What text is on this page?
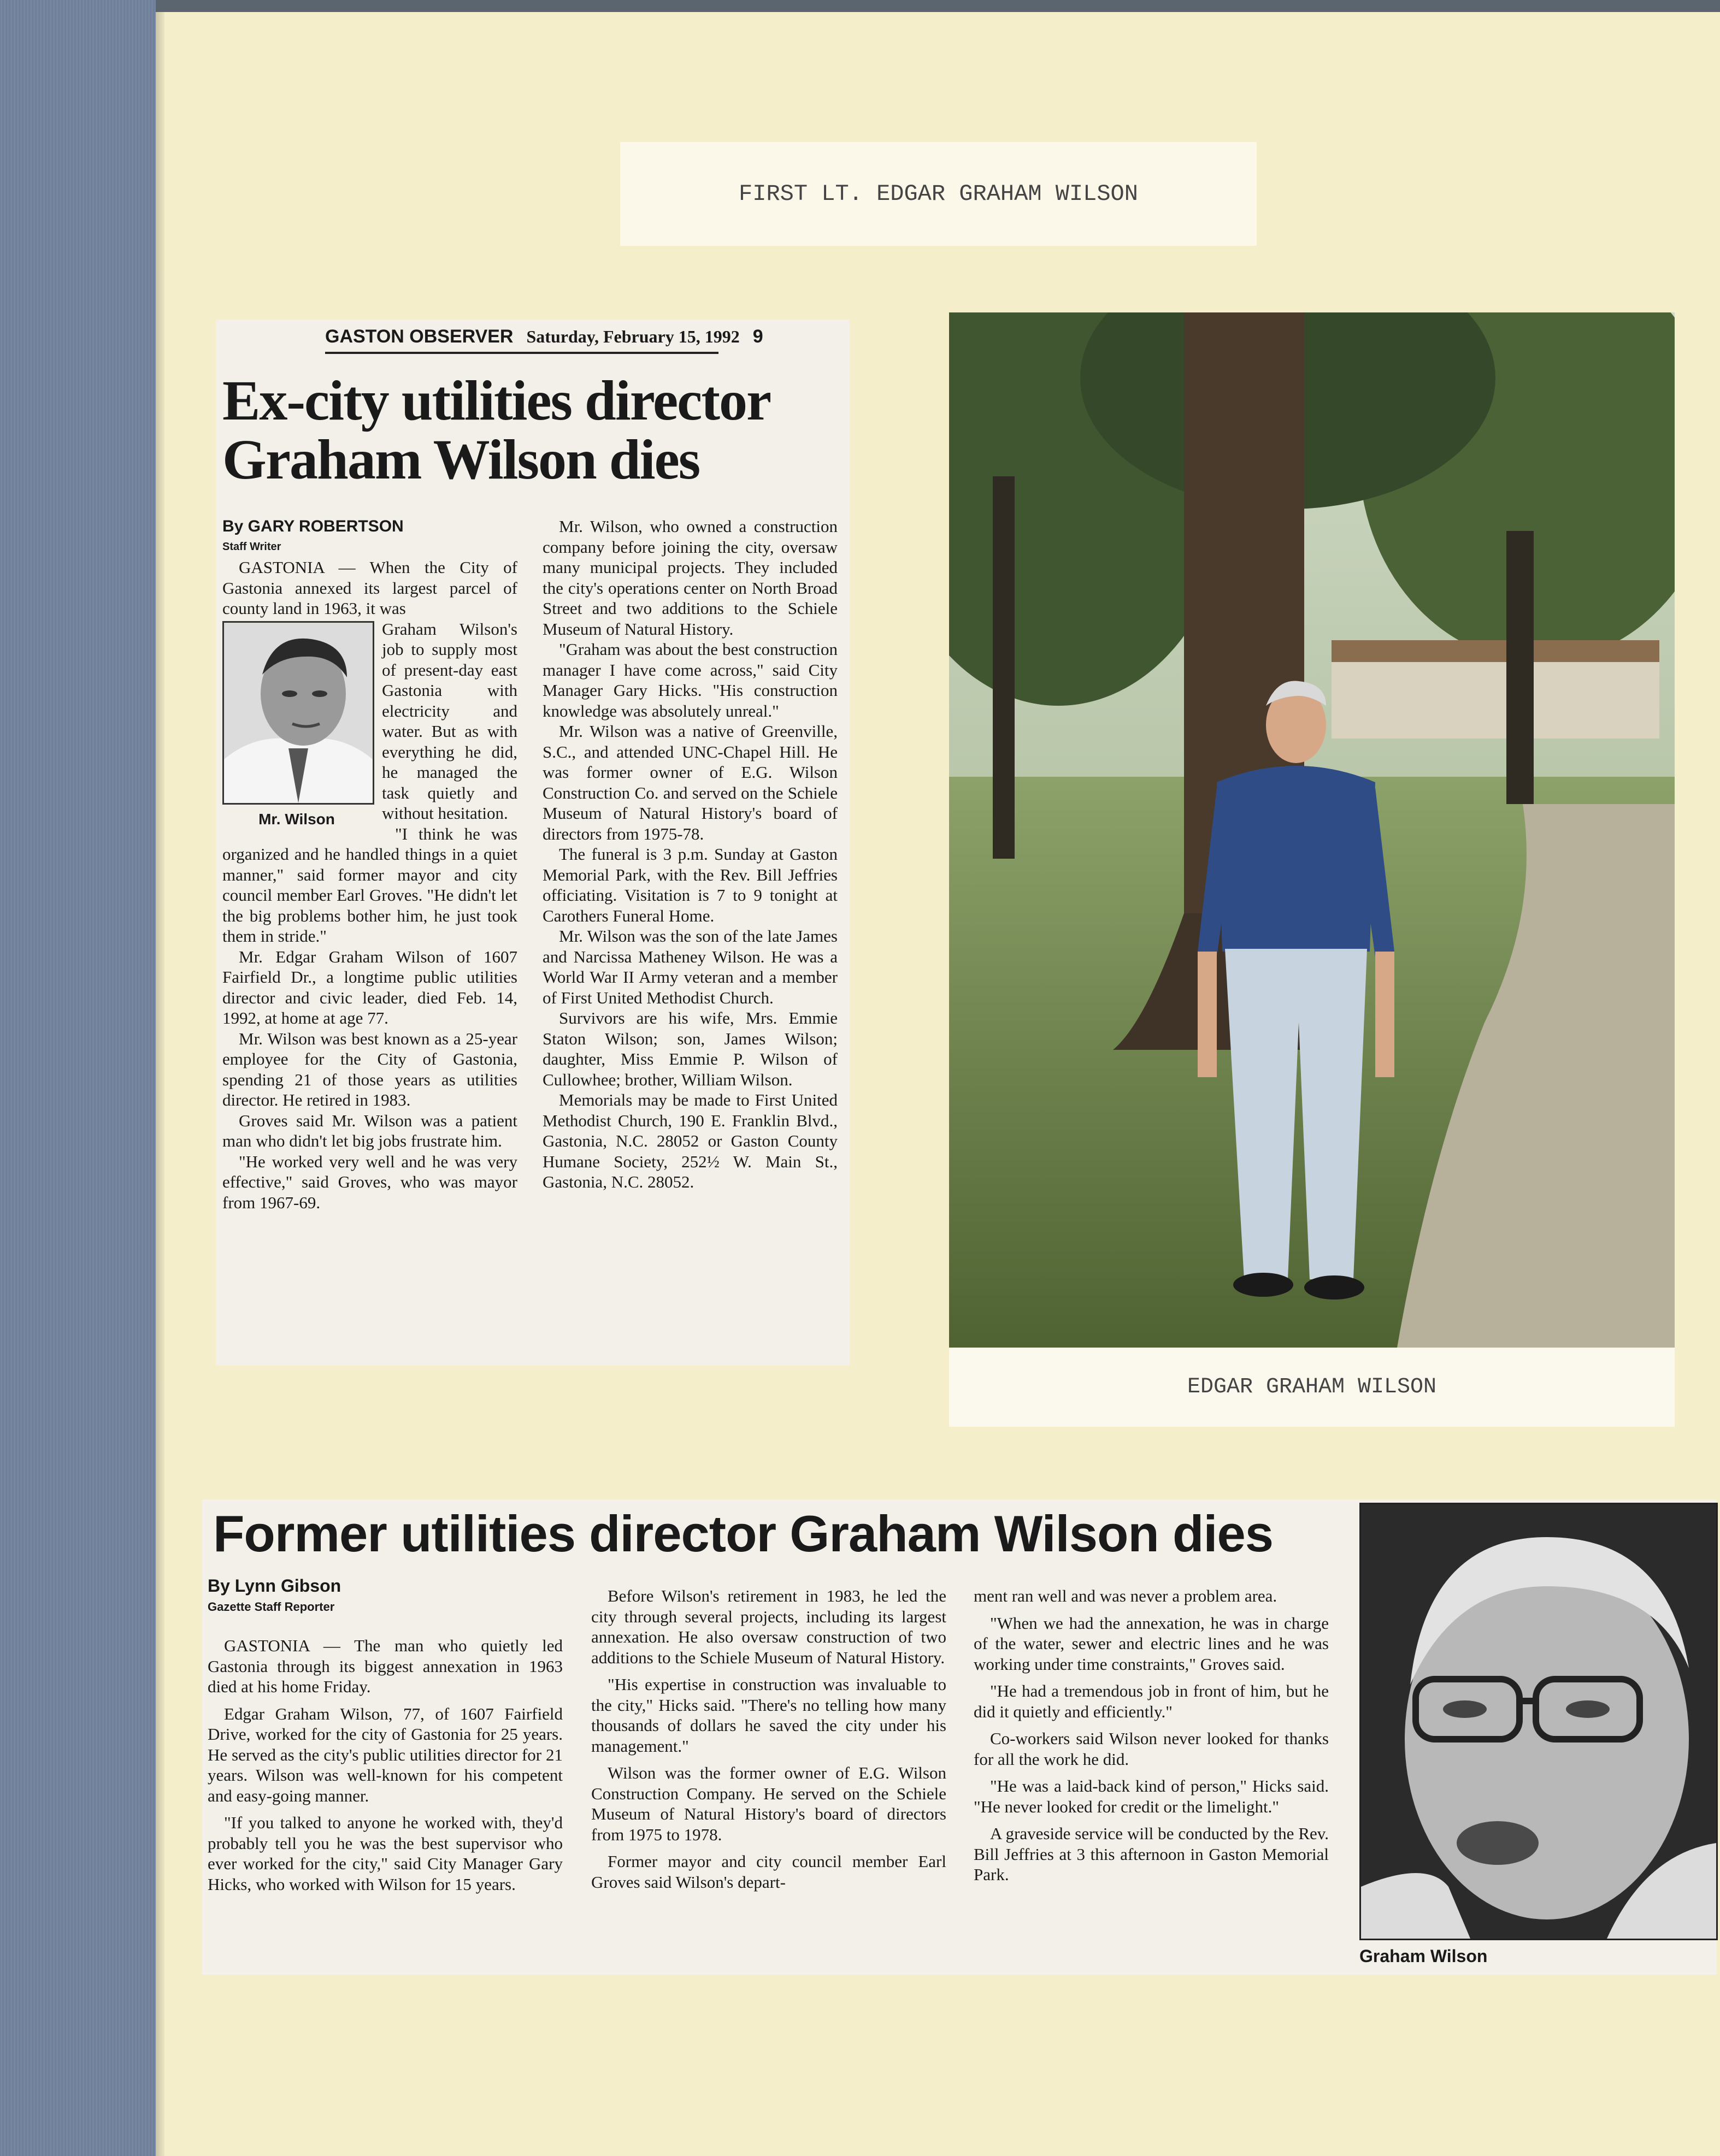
FIRST LT. EDGAR GRAHAM WILSON
GASTON OBSERVER Saturday, February 15, 1992 9
Ex-city utilities director Graham Wilson dies
By GARY ROBERTSON
Staff Writer

GASTONIA — When the City of Gastonia annexed its largest parcel of county land in 1963, it was

Mr. Wilson

Graham Wilson's job to supply most of present-day east Gastonia with electricity and water. But as with everything he did, he managed the task quietly and without hesitation.

"I think he was organized and he handled things in a quiet manner," said former mayor and city council member Earl Groves. "He didn't let the big problems bother him, he just took them in stride."

Mr. Edgar Graham Wilson of 1607 Fairfield Dr., a longtime public utilities director and civic leader, died Feb. 14, 1992, at home at age 77.

Mr. Wilson was best known as a 25-year employee for the City of Gastonia, spending 21 of those years as utilities director. He retired in 1983.

Groves said Mr. Wilson was a patient man who didn't let big jobs frustrate him.

"He worked very well and he was very effective," said Groves, who was mayor from 1967-69.

Mr. Wilson, who owned a construction company before joining the city, oversaw many municipal projects. They included the city's operations center on North Broad Street and two additions to the Schiele Museum of Natural History.

"Graham was about the best construction manager I have come across," said City Manager Gary Hicks. "His construction knowledge was absolutely unreal."

Mr. Wilson was a native of Greenville, S.C., and attended UNC-Chapel Hill. He was former owner of E.G. Wilson Construction Co. and served on the Schiele Museum of Natural History's board of directors from 1975-78.

The funeral is 3 p.m. Sunday at Gaston Memorial Park, with the Rev. Bill Jeffries officiating. Visitation is 7 to 9 tonight at Carothers Funeral Home.

Mr. Wilson was the son of the late James and Narcissa Matheney Wilson. He was a World War II Army veteran and a member of First United Methodist Church.

Survivors are his wife, Mrs. Emmie Staton Wilson; son, James Wilson; daughter, Miss Emmie P. Wilson of Cullowhee; brother, William Wilson.

Memorials may be made to First United Methodist Church, 190 E. Franklin Blvd., Gastonia, N.C. 28052 or Gaston County Humane Society, 252½ W. Main St., Gastonia, N.C. 28052.

EDGAR GRAHAM WILSON
Former utilities director Graham Wilson dies
By Lynn Gibson
Gazette Staff Reporter

GASTONIA — The man who quietly led Gastonia through its biggest annexation in 1963 died at his home Friday.

Edgar Graham Wilson, 77, of 1607 Fairfield Drive, worked for the city of Gastonia for 25 years. He served as the city's public utilities director for 21 years. Wilson was well-known for his competent and easy-going manner.

"If you talked to anyone he worked with, they'd probably tell you he was the best supervisor who ever worked for the city," said City Manager Gary Hicks, who worked with Wilson for 15 years.

Before Wilson's retirement in 1983, he led the city through several projects, including its largest annexation. He also oversaw construction of two additions to the Schiele Museum of Natural History.

"His expertise in construction was invaluable to the city," Hicks said. "There's no telling how many thousands of dollars he saved the city under his management."

Wilson was the former owner of E.G. Wilson Construction Company. He served on the Schiele Museum of Natural History's board of directors from 1975 to 1978.

Former mayor and city council member Earl Groves said Wilson's depart-

ment ran well and was never a problem area.

"When we had the annexation, he was in charge of the water, sewer and electric lines and he was working under time constraints," Groves said.

"He had a tremendous job in front of him, but he did it quietly and efficiently."

Co-workers said Wilson never looked for thanks for all the work he did.

"He was a laid-back kind of person," Hicks said. "He never looked for credit or the limelight."

A graveside service will be conducted by the Rev. Bill Jeffries at 3 this afternoon in Gaston Memorial Park.

Graham Wilson
